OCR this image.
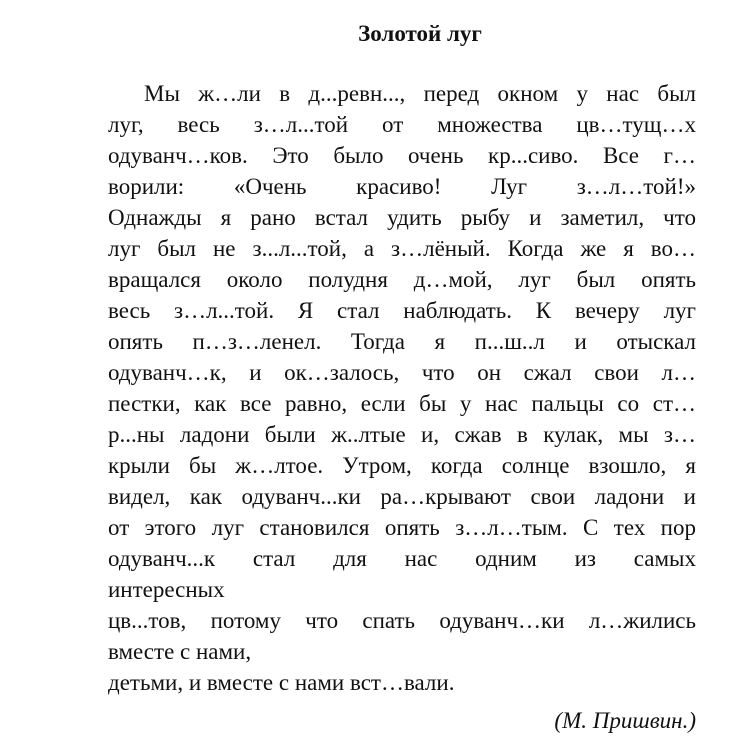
Золотой луг
Мы ж…ли в д...ревн..., перед окном у нас был
луг, весь з…л...той от множества цв…тущ…х
одуванч…ков. Это было очень кр...сиво. Все г…
ворили: «Очень красиво! Луг з…л…той!»
Однажды я рано встал удить рыбу и заметил, что
луг был не з...л...той, а з…лёный. Когда же я во…
вращался около полудня д…мой, луг был опять
весь з…л...той. Я стал наблюдать. К вечеру луг
опять п…з…ленел. Тогда я п...ш..л и отыскал
одуванч…к, и ок…залось, что он сжал свои л…
пестки, как все равно, если бы у нас пальцы со ст…
р...ны ладони были ж..лтые и, сжав в кулак, мы з…
крыли бы ж…лтое. Утром, когда солнце взошло, я
видел, как одуванч...ки ра…крывают свои ладони и
от этого луг становился опять з…л…тым. С тех пор
одуванч...к стал для нас одним из самых
интересных
цв...тов, потому что спать одуванч…ки л…жились
вместе с нами,
детьми, и вместе с нами вст…вали.
(М. Пришвин.)
